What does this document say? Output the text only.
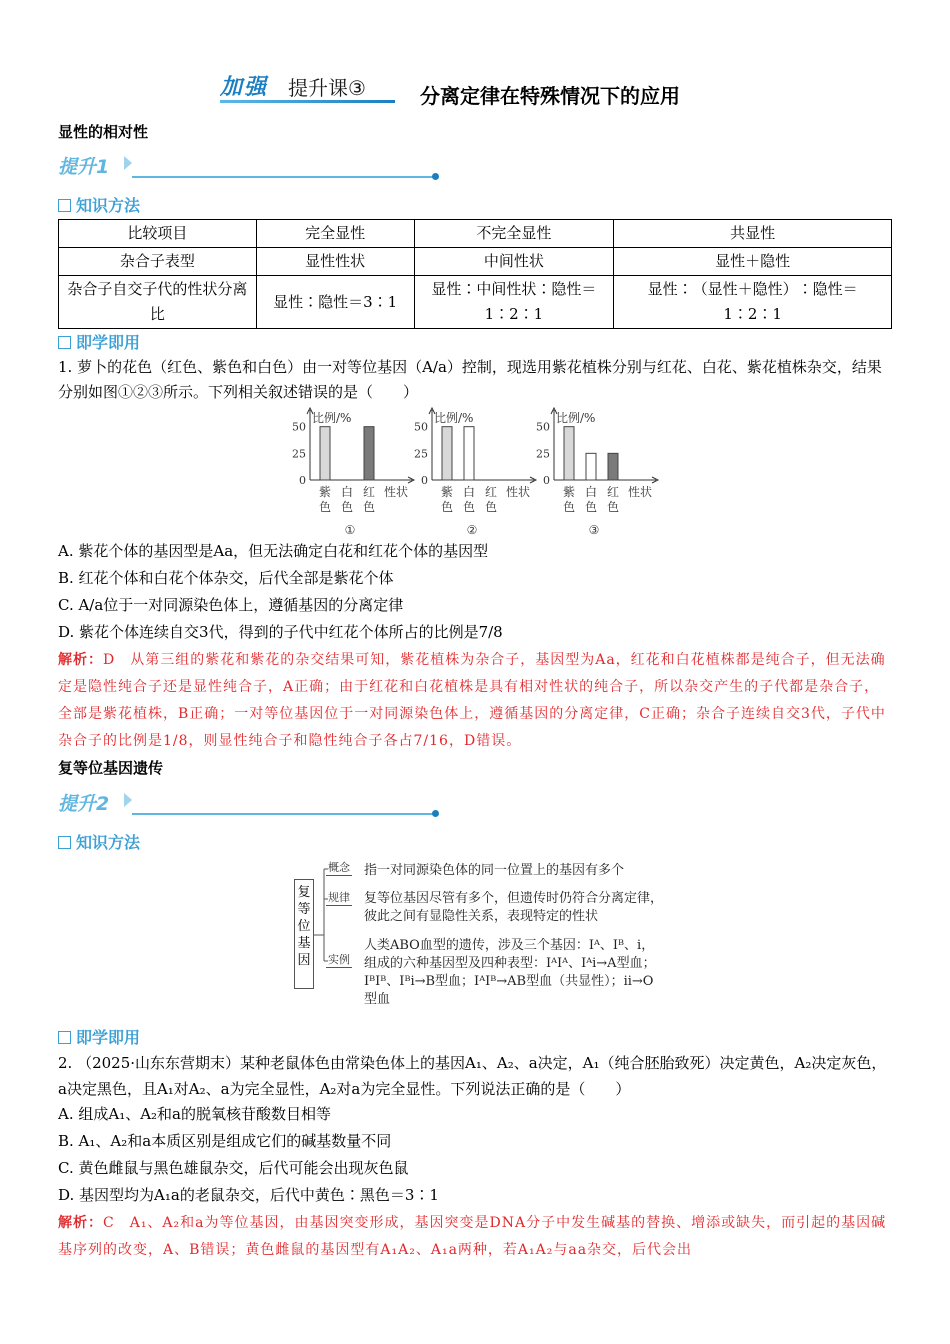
加强 提升课③	分离定律在特殊情况下的应用
显性的相对性
提升1
知识方法
比较项目	完全显性	不完全显性	共显性
杂合子表型	显性性状	中间性状	显性＋隐性
杂合子自交子代的性状分离比	显性∶隐性＝3∶1	显性∶中间性状∶隐性＝1∶2∶1	显性∶（显性＋隐性）∶隐性＝1∶2∶1
即学即用
1. 萝卜的花色（红色、紫色和白色）由一对等位基因（A/a）控制，现选用紫花植株分别与红花、白花、紫花植株杂交，结果分别如图①②③所示。下列相关叙述错误的是（　　）
比例/%
0
25
50
紫
色
白
色
红
色
性状
①
比例/%
0
25
50
紫
色
白
色
红
色
性状
②
比例/%
0
25
50
紫
色
白
色
红
色
性状
③
A. 紫花个体的基因型是Aa，但无法确定白花和红花个体的基因型
B. 红花个体和白花个体杂交，后代全部是紫花个体
C. A/a位于一对同源染色体上，遵循基因的分离定律
D. 紫花个体连续自交3代，得到的子代中红花个体所占的比例是7/8
解析：D　从第三组的紫花和紫花的杂交结果可知，紫花植株为杂合子，基因型为Aa，红花和白花植株都是纯合子，但无法确定是隐性纯合子还是显性纯合子，A正确；由于红花和白花植株是具有相对性状的纯合子，所以杂交产生的子代都是杂合子，全部是紫花植株，B正确；一对等位基因位于一对同源染色体上，遵循基因的分离定律，C正确；杂合子连续自交3代，子代中杂合子的比例是1/8，则显性纯合子和隐性纯合子各占7/16，D错误。
复等位基因遗传
提升2
知识方法
复等位基因
概念 指一对同源染色体的同一位置上的基因有多个
规律 复等位基因尽管有多个，但遗传时仍符合分离定律，彼此之间有显隐性关系，表现特定的性状
实例
人类ABO血型的遗传，涉及三个基因：Iᴬ、Iᴮ、i，组成的六种基因型及四种表型：IᴬIᴬ、Iᴬi→A型血；IᴮIᴮ、Iᴮi→B型血；IᴬIᴮ→AB型血（共显性）；ii→O型血
即学即用
2. （2025·山东东营期末）某种老鼠体色由常染色体上的基因A₁、A₂、a决定，A₁（纯合胚胎致死）决定黄色，A₂决定灰色，a决定黑色，且A₁对A₂、a为完全显性，A₂对a为完全显性。下列说法正确的是（　　）
A. 组成A₁、A₂和a的脱氧核苷酸数目相等
B. A₁、A₂和a本质区别是组成它们的碱基数量不同
C. 黄色雌鼠与黑色雄鼠杂交，后代可能会出现灰色鼠
D. 基因型均为A₁a的老鼠杂交，后代中黄色∶黑色＝3∶1
解析：C　A₁、A₂和a为等位基因，由基因突变形成，基因突变是DNA分子中发生碱基的替换、增添或缺失，而引起的基因碱基序列的改变，A、B错误；黄色雌鼠的基因型有A₁A₂、A₁a两种，若A₁A₂与aa杂交，后代会出
